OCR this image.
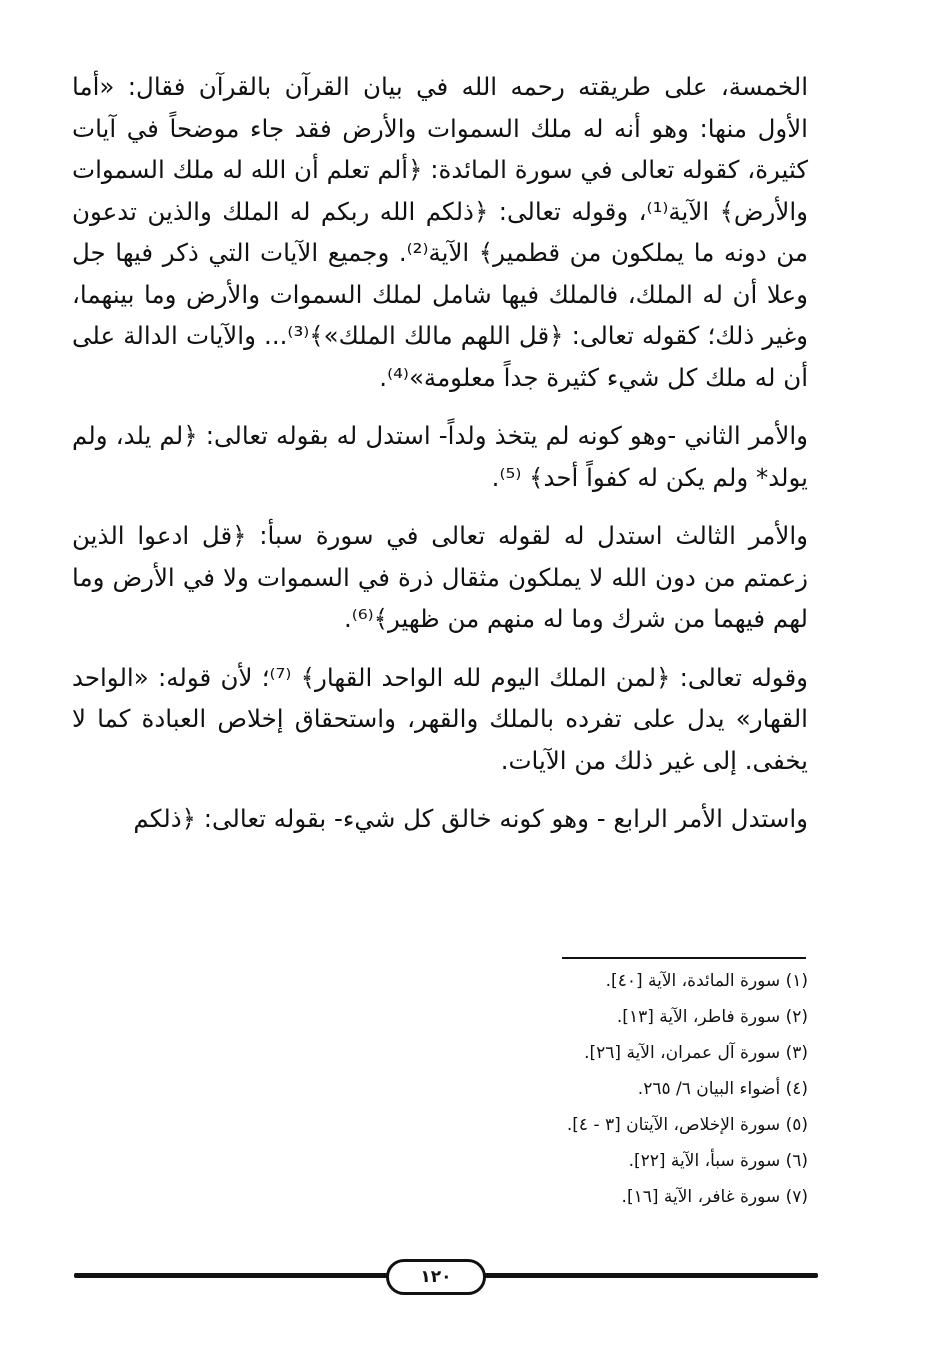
الخمسة، على طريقته رحمه الله في بيان القرآن بالقرآن فقال: «أما الأول منها: وهو أنه له ملك السموات والأرض فقد جاء موضحاً في آيات كثيرة، كقوله تعالى في سورة المائدة: ﴿ألم تعلم أن الله له ملك السموات والأرض﴾ الآية⁽¹⁾، وقوله تعالى: ﴿ذلكم الله ربكم له الملك والذين تدعون من دونه ما يملكون من قطمير﴾ الآية⁽²⁾. وجميع الآيات التي ذكر فيها جل وعلا أن له الملك، فالملك فيها شامل لملك السموات والأرض وما بينهما، وغير ذلك؛ كقوله تعالى: ﴿قل اللهم مالك الملك»﴾⁽³⁾... والآيات الدالة على أن له ملك كل شيء كثيرة جداً معلومة»⁽⁴⁾.

والأمر الثاني -وهو كونه لم يتخذ ولداً- استدل له بقوله تعالى: ﴿لم يلد، ولم يولد* ولم يكن له كفواً أحد﴾ ⁽⁵⁾.

والأمر الثالث استدل له لقوله تعالى في سورة سبأ: ﴿قل ادعوا الذين زعمتم من دون الله لا يملكون مثقال ذرة في السموات ولا في الأرض وما لهم فيهما من شرك وما له منهم من ظهير﴾⁽⁶⁾.

وقوله تعالى: ﴿لمن الملك اليوم لله الواحد القهار﴾ ⁽⁷⁾؛ لأن قوله: «الواحد القهار» يدل على تفرده بالملك والقهر، واستحقاق إخلاص العبادة كما لا يخفى. إلى غير ذلك من الآيات.

واستدل الأمر الرابع - وهو كونه خالق كل شيء- بقوله تعالى: ﴿ذلكم

(١) سورة المائدة، الآية [٤٠].
(٢) سورة فاطر، الآية [١٣].
(٣) سورة آل عمران، الآية [٢٦].
(٤) أضواء البيان ٦/ ٢٦٥.
(٥) سورة الإخلاص، الآيتان [٣ - ٤].
(٦) سورة سبأ، الآية [٢٢].
(٧) سورة غافر، الآية [١٦].
١٢٠
